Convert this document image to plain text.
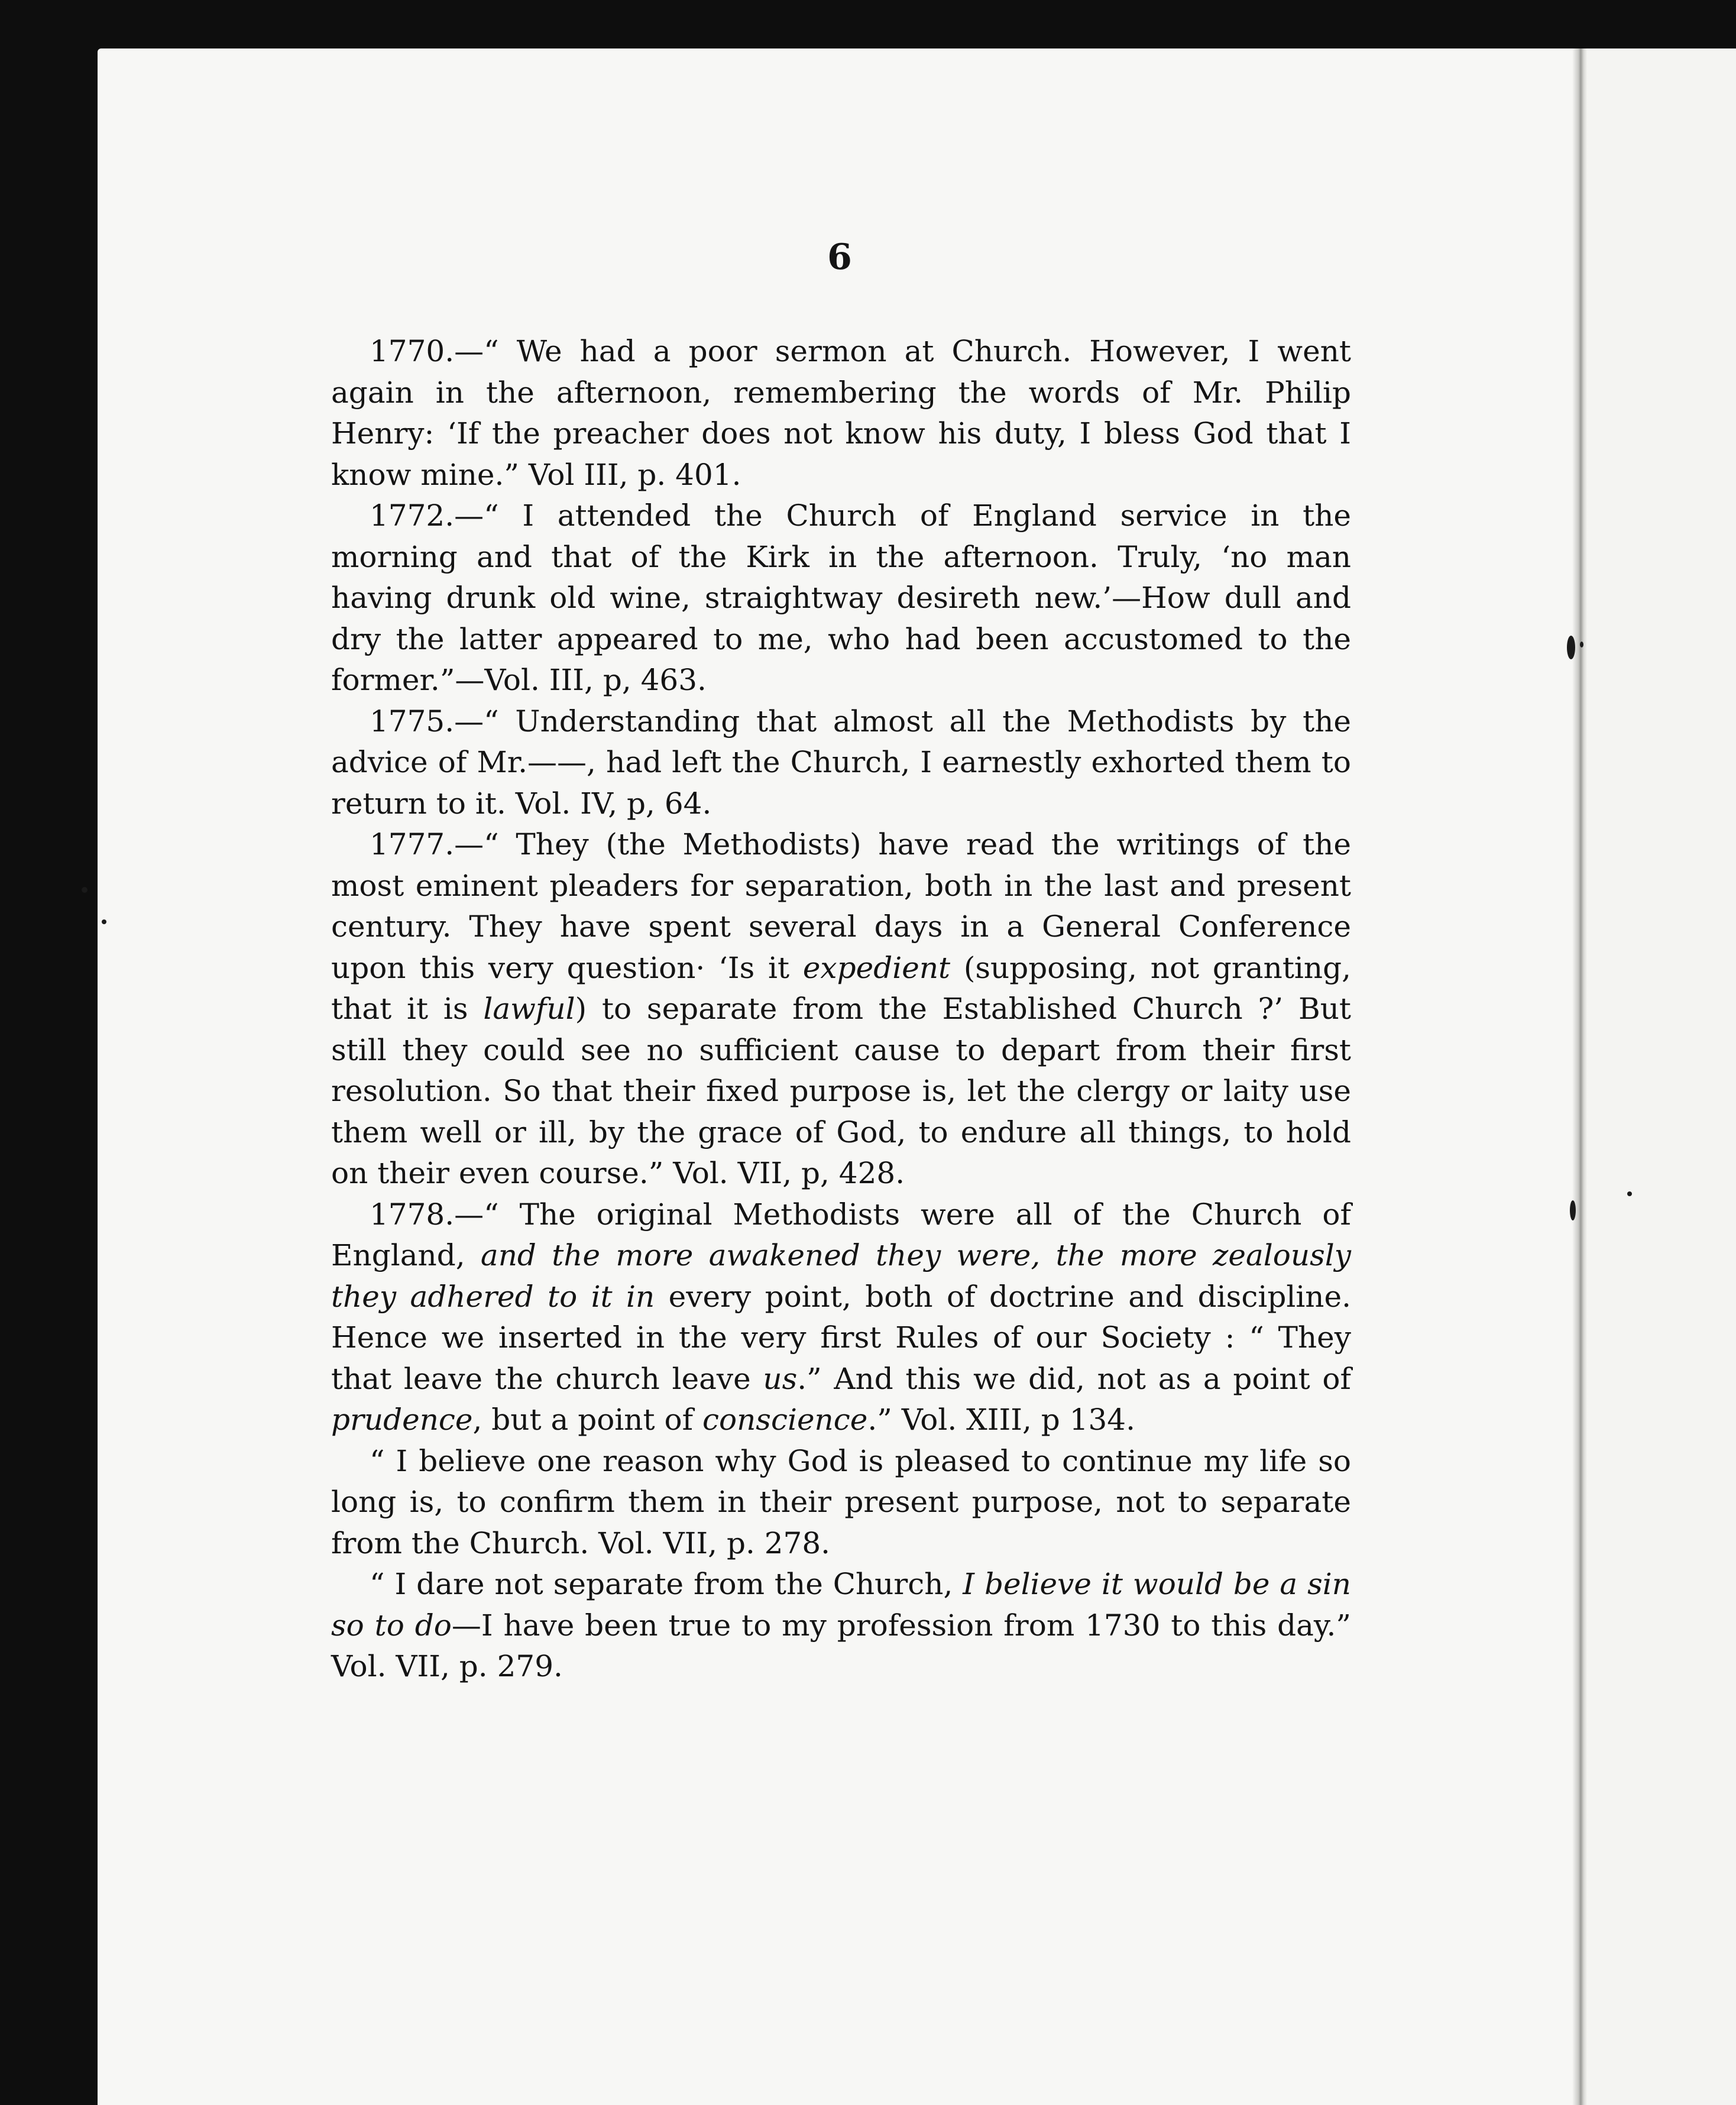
6

1770.—“ We had a poor sermon at Church. However, I went again in the afternoon, remembering the words of Mr. Philip Henry: ‘If the preacher does not know his duty, I bless God that I know mine.” Vol III, p. 401.

1772.—“ I attended the Church of England service in the morning and that of the Kirk in the afternoon. Truly, ‘no man having drunk old wine, straightway desireth new.’—How dull and dry the latter appeared to me, who had been accustomed to the former.”—Vol. III, p, 463.

1775.—“ Understanding that almost all the Methodists by the advice of Mr.——, had left the Church, I earnestly exhorted them to return to it. Vol. IV, p, 64.

1777.—“ They (the Methodists) have read the writings of the most eminent pleaders for separation, both in the last and present century. They have spent several days in a General Conference upon this very question· ‘Is it expedient (supposing, not granting, that it is lawful) to separate from the Established Church ?’ But still they could see no sufficient cause to depart from their first resolution. So that their fixed purpose is, let the clergy or laity use them well or ill, by the grace of God, to endure all things, to hold on their even course.” Vol. VII, p, 428.

1778.—“ The original Methodists were all of the Church of England, and the more awakened they were, the more zealously they adhered to it in every point, both of doctrine and discipline. Hence we inserted in the very first Rules of our Society : “ They that leave the church leave us.” And this we did, not as a point of prudence, but a point of conscience.” Vol. XIII, p 134.

“ I believe one reason why God is pleased to continue my life so long is, to confirm them in their present purpose, not to separate from the Church. Vol. VII, p. 278.

“ I dare not separate from the Church, I believe it would be a sin so to do—I have been true to my profession from 1730 to this day.” Vol. VII, p. 279.
